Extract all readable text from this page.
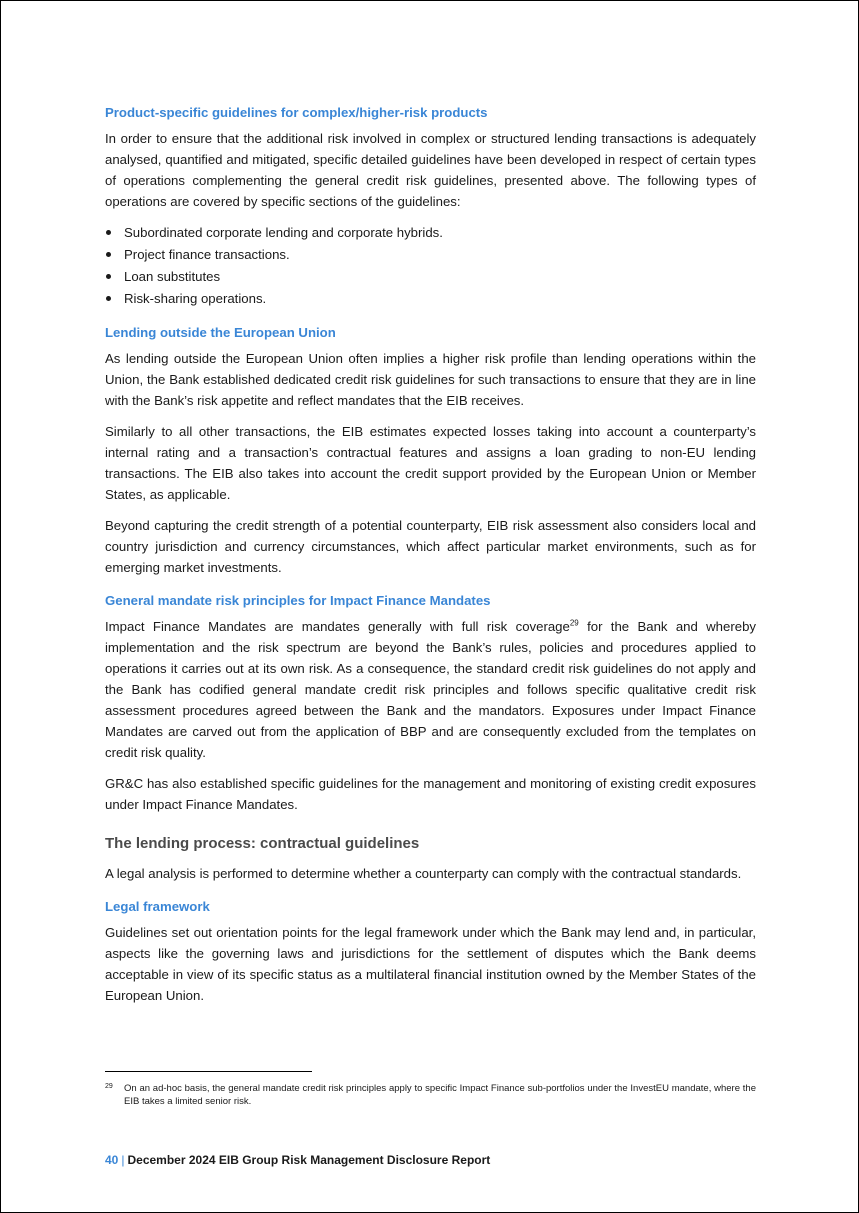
Product-specific guidelines for complex/higher-risk products

In order to ensure that the additional risk involved in complex or structured lending transactions is adequately analysed, quantified and mitigated, specific detailed guidelines have been developed in respect of certain types of operations complementing the general credit risk guidelines, presented above. The following types of operations are covered by specific sections of the guidelines:

Subordinated corporate lending and corporate hybrids.
Project finance transactions.
Loan substitutes
Risk-sharing operations.
Lending outside the European Union

As lending outside the European Union often implies a higher risk profile than lending operations within the Union, the Bank established dedicated credit risk guidelines for such transactions to ensure that they are in line with the Bank’s risk appetite and reflect mandates that the EIB receives.

Similarly to all other transactions, the EIB estimates expected losses taking into account a counterparty’s internal rating and a transaction’s contractual features and assigns a loan grading to non-EU lending transactions. The EIB also takes into account the credit support provided by the European Union or Member States, as applicable.

Beyond capturing the credit strength of a potential counterparty, EIB risk assessment also considers local and country jurisdiction and currency circumstances, which affect particular market environments, such as for emerging market investments.

General mandate risk principles for Impact Finance Mandates

Impact Finance Mandates are mandates generally with full risk coverage$^{29}$ for the Bank and whereby implementation and the risk spectrum are beyond the Bank’s rules, policies and procedures applied to operations it carries out at its own risk. As a consequence, the standard credit risk guidelines do not apply and the Bank has codified general mandate credit risk principles and follows specific qualitative credit risk assessment procedures agreed between the Bank and the mandators. Exposures under Impact Finance Mandates are carved out from the application of BBP and are consequently excluded from the templates on credit risk quality.

GR&C has also established specific guidelines for the management and monitoring of existing credit exposures under Impact Finance Mandates.

The lending process: contractual guidelines

A legal analysis is performed to determine whether a counterparty can comply with the contractual standards.

Legal framework

Guidelines set out orientation points for the legal framework under which the Bank may lend and, in particular, aspects like the governing laws and jurisdictions for the settlement of disputes which the Bank deems acceptable in view of its specific status as a multilateral financial institution owned by the Member States of the European Union.

29	On an ad-hoc basis, the general mandate credit risk principles apply to specific Impact Finance sub-portfolios under the InvestEU mandate, where the EIB takes a limited senior risk.
40 | December 2024 EIB Group Risk Management Disclosure Report
